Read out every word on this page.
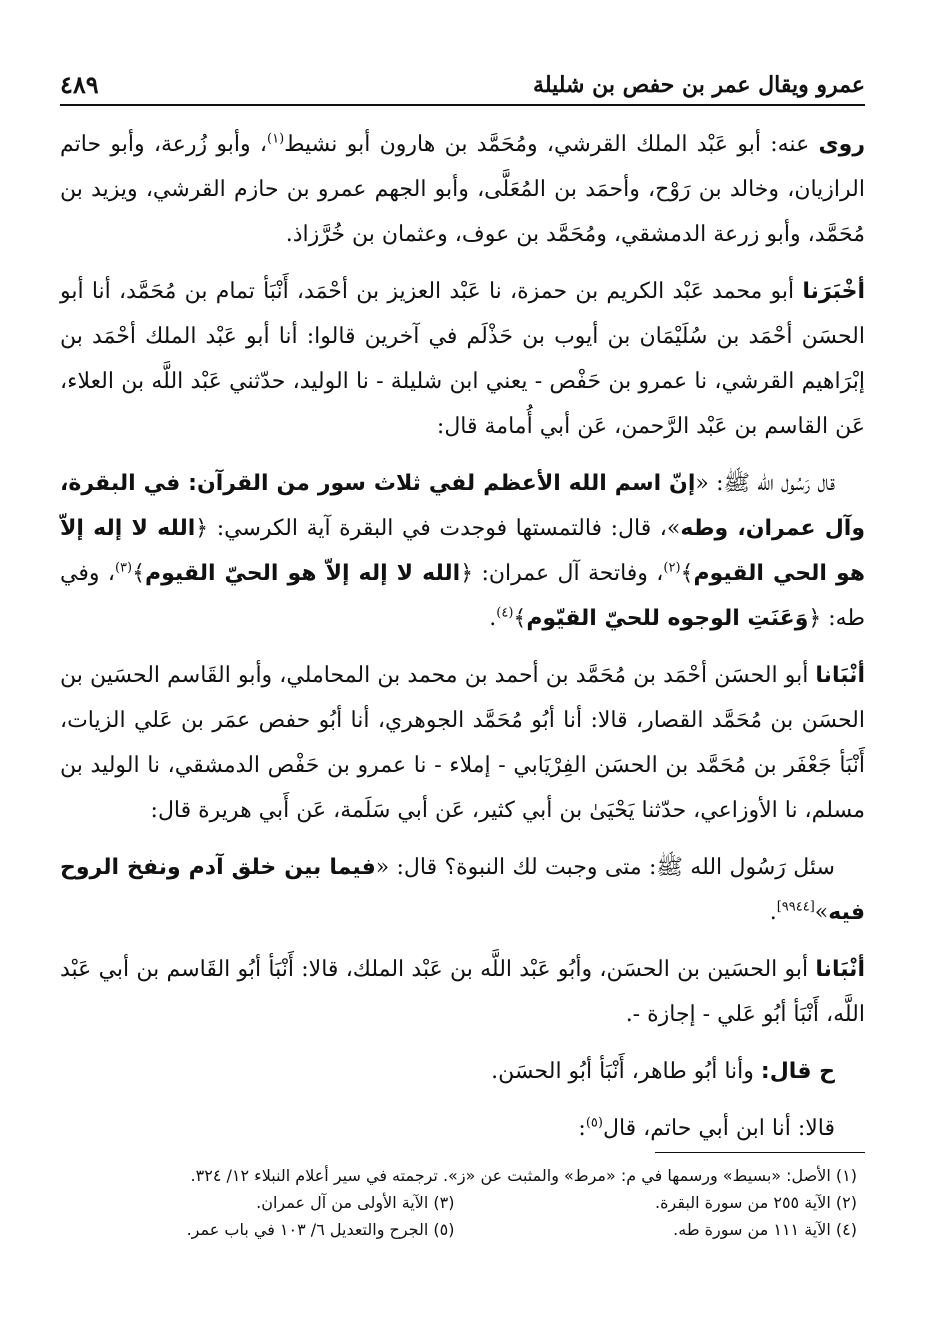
عمرو ويقال عمر بن حفص بن شليلة
٤٨٩

روى عنه: أبو عَبْد الملك القرشي، ومُحَمَّد بن هارون أبو نشيط$^{(١)}$، وأبو زُرعة، وأبو حاتم الرازيان، وخالد بن رَوْح، وأحمَد بن المُعَلَّى، وأبو الجهم عمرو بن حازم القرشي، ويزيد بن مُحَمَّد، وأبو زرعة الدمشقي، ومُحَمَّد بن عوف، وعثمان بن خُرَّزاذ.

أخْبَرَنا أبو محمد عَبْد الكريم بن حمزة، نا عَبْد العزيز بن أحْمَد، أَنْبَأ تمام بن مُحَمَّد، أنا أبو الحسَن أحْمَد بن سُلَيْمَان بن أيوب بن حَذْلَم في آخرين قالوا: أنا أبو عَبْد الملك أحْمَد بن إبْرَاهيم القرشي، نا عمرو بن حَفْص - يعني ابن شليلة - نا الوليد، حدّثني عَبْد اللَّه بن العلاء، عَن القاسم بن عَبْد الرَّحمن، عَن أبي أُمامة قال:

قال رَسُول الله ﷺ: «إنّ اسم الله الأعظم لفي ثلاث سور من القرآن: في البقرة، وآل عمران، وطه»، قال: فالتمستها فوجدت في البقرة آية الكرسي: ﴿الله لا إله إلاّ هو الحي القيوم﴾$^{(٢)}$، وفاتحة آل عمران: ﴿الله لا إله إلاّ هو الحيّ القيوم﴾$^{(٣)}$، وفي طه: ﴿وَعَنَتِ الوجوه للحيّ القيّوم﴾$^{(٤)}$.

أنْبَانا أبو الحسَن أحْمَد بن مُحَمَّد بن أحمد بن محمد بن المحاملي، وأبو القَاسم الحسَين بن الحسَن بن مُحَمَّد القصار، قالا: أنا أبُو مُحَمَّد الجوهري، أنا أبُو حفص عمَر بن عَلي الزيات، أَنْبَأ جَعْفَر بن مُحَمَّد بن الحسَن الفِرْيَابي - إملاء - نا عمرو بن حَفْص الدمشقي، نا الوليد بن مسلم، نا الأوزاعي، حدّثنا يَحْيَىٰ بن أبي كثير، عَن أبي سَلَمة، عَن أَبي هريرة قال:

سئل رَسُول الله ﷺ: متى وجبت لك النبوة؟ قال: «فيما بين خلق آدم ونفخ الروح فيه»[٩٩٤٤].

أنْبَانا أبو الحسَين بن الحسَن، وأبُو عَبْد اللَّه بن عَبْد الملك، قالا: أَنْبَأ أبُو القَاسم بن أبي عَبْد اللَّه، أَنْبَأ أبُو عَلي - إجازة -.

ح قال: وأنا أبُو طاهر، أَنْبَأ أبُو الحسَن.

قالا: أنا ابن أبي حاتم، قال$^{(٥)}$:

(١) الأصل: «بسيط» ورسمها في م: «مرط» والمثبت عن «ز». ترجمته في سير أعلام النبلاء ١٢/ ٣٢٤.
(٢) الآية ٢٥٥ من سورة البقرة.
(٣) الآية الأولى من آل عمران.
(٤) الآية ١١١ من سورة طه.
(٥) الجرح والتعديل ٦/ ١٠٣ في باب عمر.
